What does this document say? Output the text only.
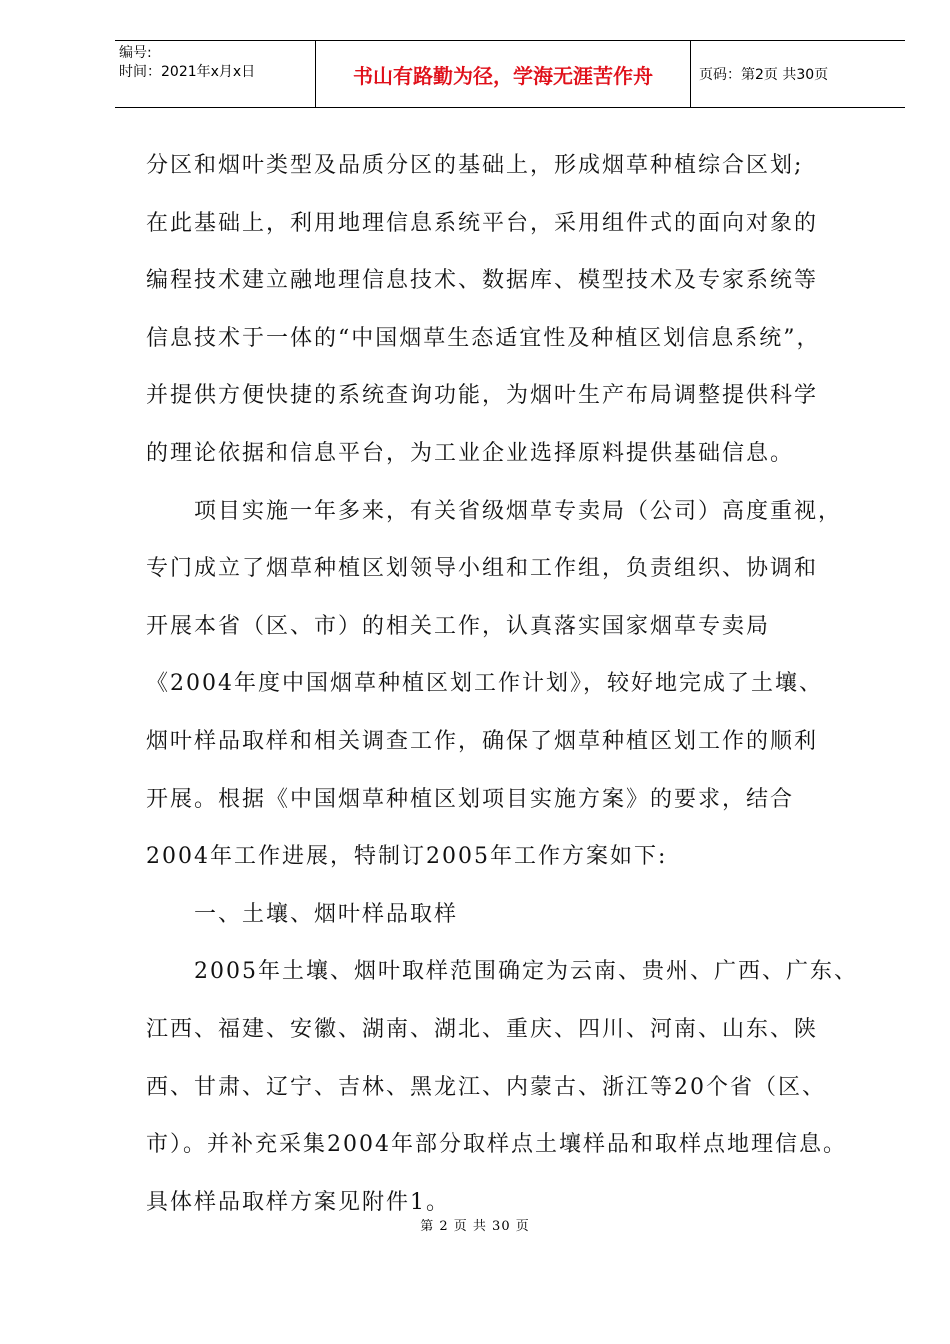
编号:
时间：2021年x月x日	书山有路勤为径，学海无涯苦作舟	页码：第2页 共30页
分区和烟叶类型及品质分区的基础上，形成烟草种植综合区划;
在此基础上，利用地理信息系统平台，采用组件式的面向对象的
编程技术建立融地理信息技术、数据库、模型技术及专家系统等
信息技术于一体的“中国烟草生态适宜性及种植区划信息系统”，
并提供方便快捷的系统查询功能，为烟叶生产布局调整提供科学
的理论依据和信息平台，为工业企业选择原料提供基础信息。
项目实施一年多来，有关省级烟草专卖局（公司）高度重视，
专门成立了烟草种植区划领导小组和工作组，负责组织、协调和
开展本省（区、市）的相关工作，认真落实国家烟草专卖局
《2004年度中国烟草种植区划工作计划》，较好地完成了土壤、
烟叶样品取样和相关调查工作，确保了烟草种植区划工作的顺利
开展。根据《中国烟草种植区划项目实施方案》的要求，结合
2004年工作进展，特制订2005年工作方案如下:
一、土壤、烟叶样品取样
2005年土壤、烟叶取样范围确定为云南、贵州、广西、广东、
江西、福建、安徽、湖南、湖北、重庆、四川、河南、山东、陕
西、甘肃、辽宁、吉林、黑龙江、内蒙古、浙江等20个省（区、
市）。并补充采集2004年部分取样点土壤样品和取样点地理信息。
具体样品取样方案见附件1。
第 2 页 共 30 页
